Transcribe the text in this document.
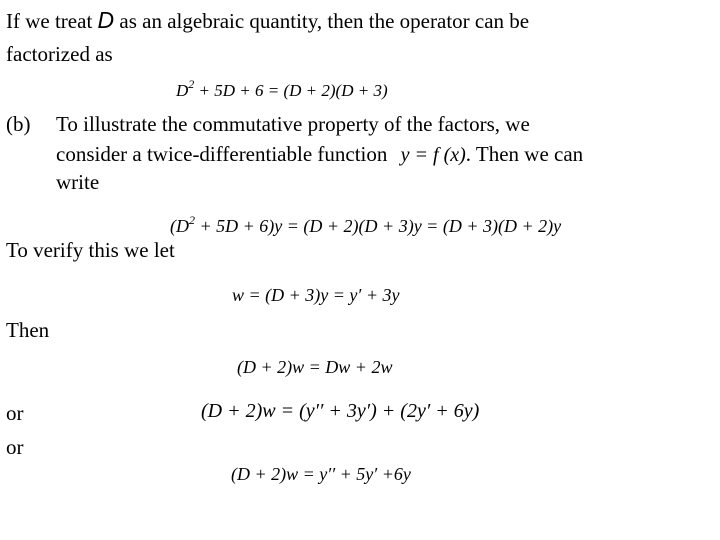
If we treat D as an algebraic quantity, then the operator can be
factorized as
$D^2 + 5D + 6 = (D + 2)(D + 3)$
(b) To illustrate the commutative property of the factors, we
consider a twice-differentiable function y = f (x). Then we can
write
$(D^2 + 5D + 6)y = (D + 2)(D + 3)y = (D + 3)(D + 2)y$
To verify this we let
w = (D + 3)y = y′ + 3y
Then
(D + 2)w = Dw + 2w
or	(D + 2)w = (y′′ + 3y′) + (2y′ + 6y)
or
(D + 2)w = y′′ + 5y′ +6y
